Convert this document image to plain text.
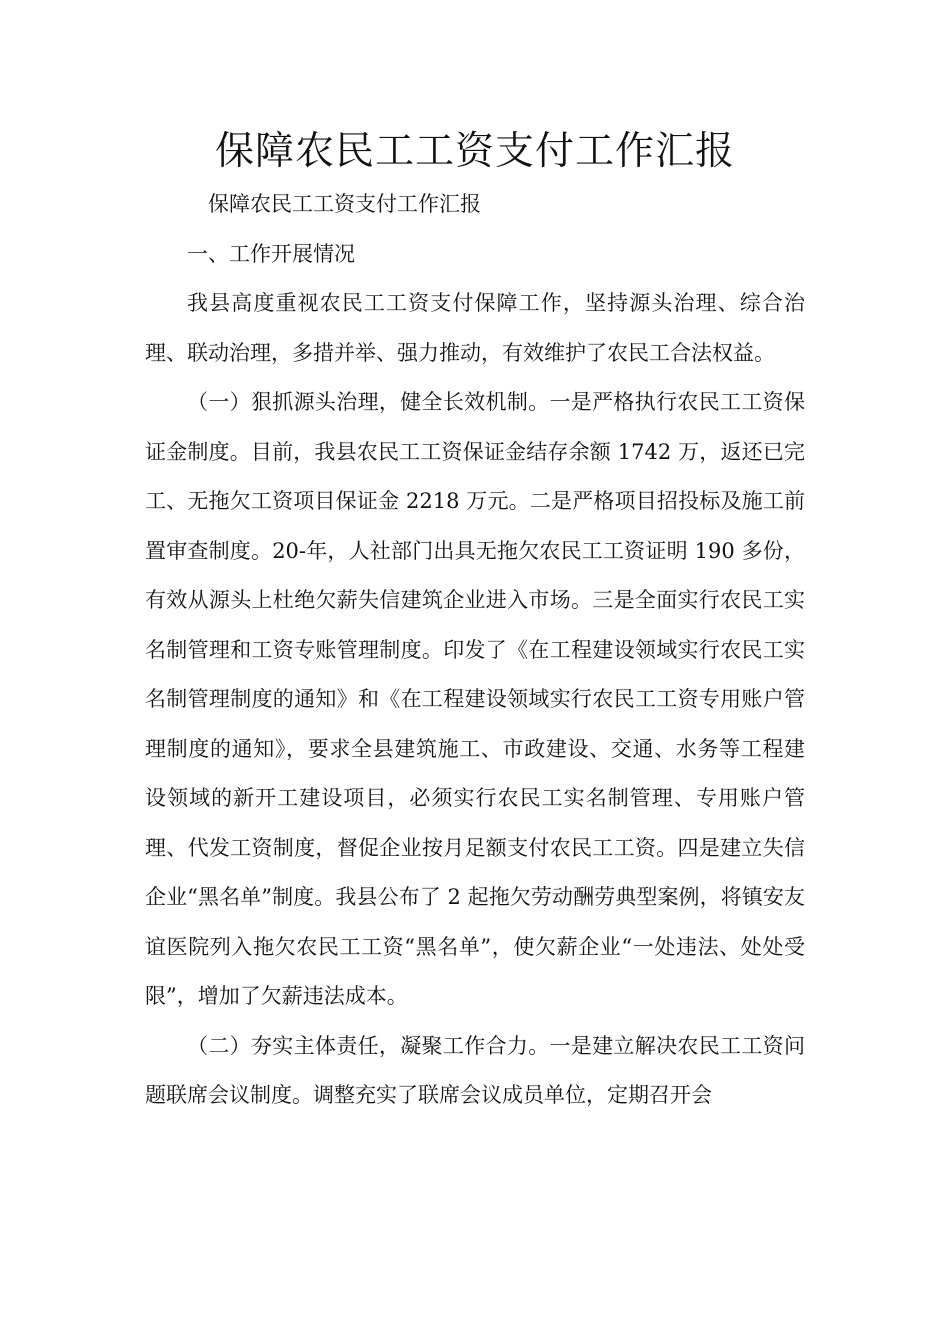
保障农民工工资支付工作汇报

保障农民工工资支付工作汇报

一、工作开展情况

我县高度重视农民工工资支付保障工作，坚持源头治理、综合治理、联动治理，多措并举、强力推动，有效维护了农民工合法权益。

（一）狠抓源头治理，健全长效机制。一是严格执行农民工工资保证金制度。目前，我县农民工工资保证金结存余额 1742 万，返还已完工、无拖欠工资项目保证金 2218 万元。二是严格项目招投标及施工前置审查制度。20-年，人社部门出具无拖欠农民工工资证明 190 多份，有效从源头上杜绝欠薪失信建筑企业进入市场。三是全面实行农民工实名制管理和工资专账管理制度。印发了《在工程建设领域实行农民工实名制管理制度的通知》和《在工程建设领域实行农民工工资专用账户管理制度的通知》，要求全县建筑施工、市政建设、交通、水务等工程建设领域的新开工建设项目，必须实行农民工实名制管理、专用账户管理、代发工资制度，督促企业按月足额支付农民工工资。四是建立失信企业“黑名单”制度。我县公布了 2 起拖欠劳动酬劳典型案例，将镇安友谊医院列入拖欠农民工工资“黑名单”，使欠薪企业“一处违法、处处受限”，增加了欠薪违法成本。

（二）夯实主体责任，凝聚工作合力。一是建立解决农民工工资问题联席会议制度。调整充实了联席会议成员单位，定期召开会
